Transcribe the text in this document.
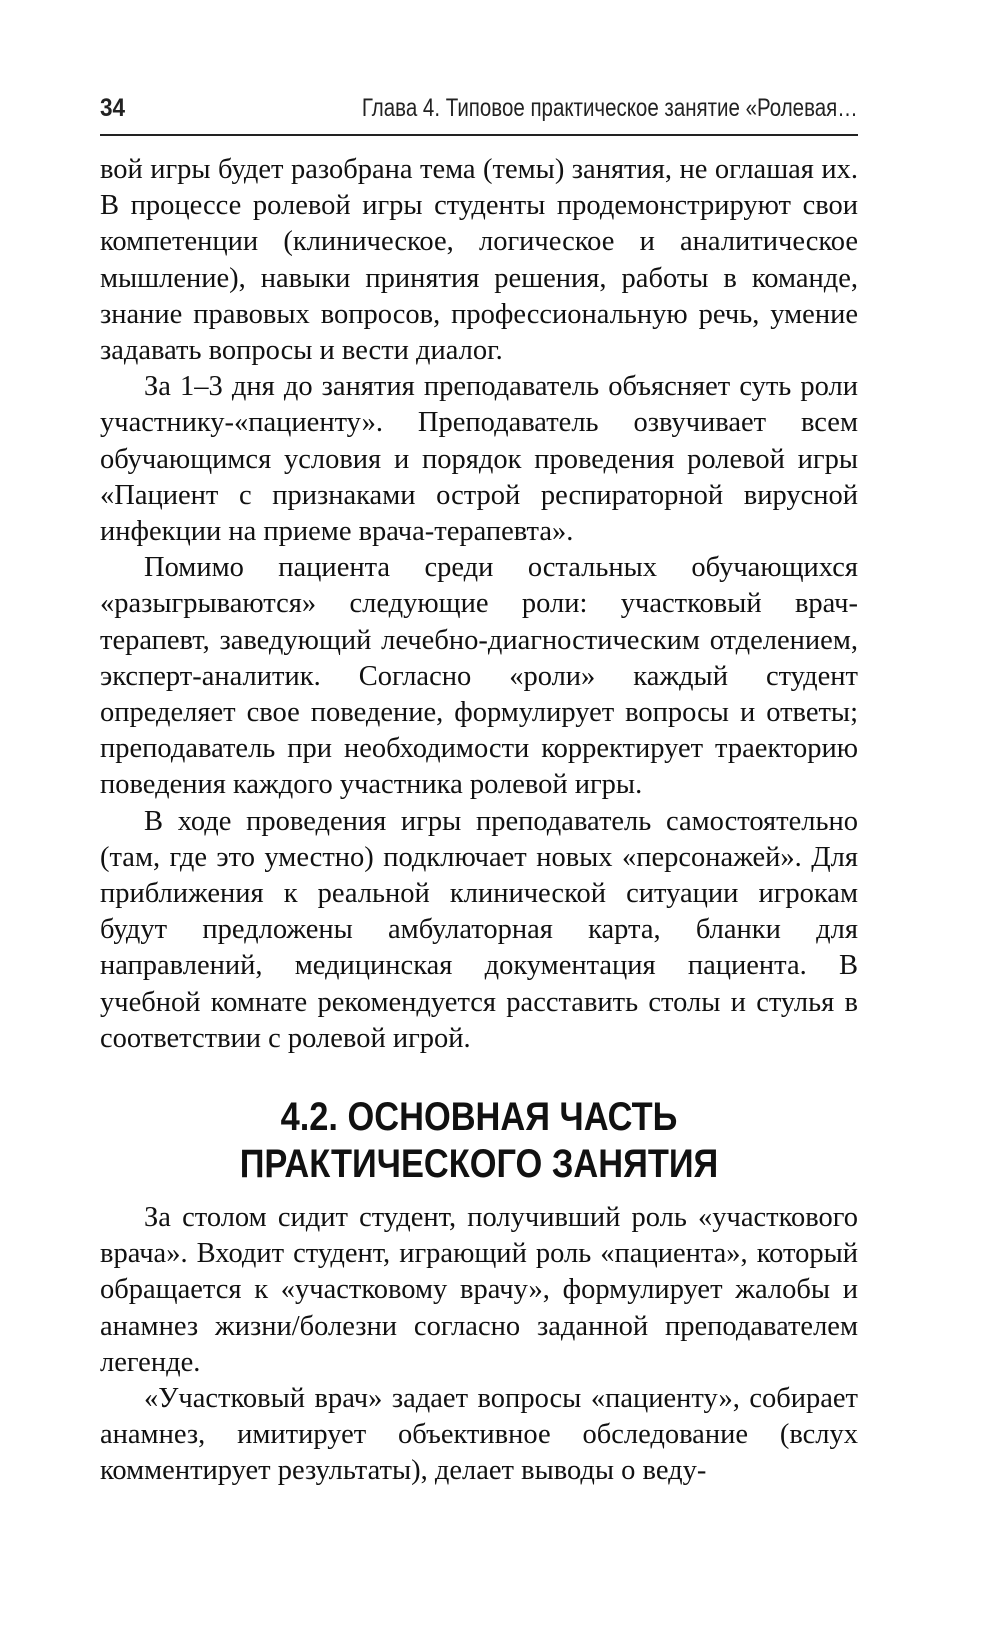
34	Глава 4. Типовое практическое занятие «Ролевая…

вой игры будет разобрана тема (темы) занятия, не оглашая их. В процессе ролевой игры студенты продемонстрируют свои компетенции (клиническое, логическое и аналитическое мышление), навыки принятия решения, работы в команде, знание правовых вопросов, профессиональную речь, умение задавать вопросы и вести диалог.

За 1–3 дня до занятия преподаватель объясняет суть роли участнику-«пациенту». Преподаватель озвучивает всем обучающимся условия и порядок проведения ролевой игры «Пациент с признаками острой респираторной вирусной инфекции на приеме врача-терапевта».

Помимо пациента среди остальных обучающихся «разыгрываются» следующие роли: участковый врач-терапевт, заведующий лечебно-диагностическим отделением, эксперт-аналитик. Согласно «роли» каждый студент определяет свое поведение, формулирует вопросы и ответы; преподаватель при необходимости корректирует траекторию поведения каждого участника ролевой игры.

В ходе проведения игры преподаватель самостоятельно (там, где это уместно) подключает новых «персонажей». Для приближения к реальной клинической ситуации игрокам будут предложены амбулаторная карта, бланки для направлений, медицинская документация пациента. В учебной комнате рекомендуется расставить столы и стулья в соответствии с ролевой игрой.

4.2. ОСНОВНАЯ ЧАСТЬ
ПРАКТИЧЕСКОГО ЗАНЯТИЯ

За столом сидит студент, получивший роль «участкового врача». Входит студент, играющий роль «пациента», который обращается к «участковому врачу», формулирует жалобы и анамнез жизни/болезни согласно заданной преподавателем легенде.

«Участковый врач» задает вопросы «пациенту», собирает анамнез, имитирует объективное обследование (вслух комментирует результаты), делает выводы о веду-
